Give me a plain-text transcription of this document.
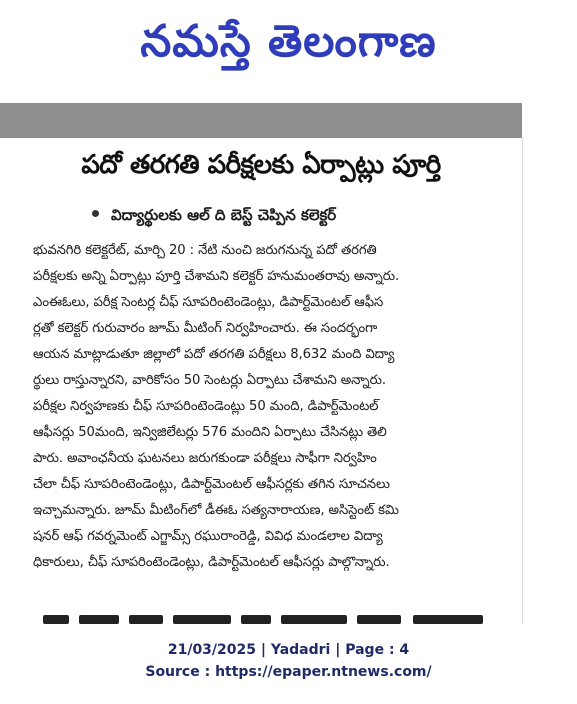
నమస్తే తెలంగాణ
పదో తరగతి పరీక్షలకు ఏర్పాట్లు పూర్తి
విద్యార్థులకు ఆల్ ది బెస్ట్ చెప్పిన కలెక్టర్
భువనగిరి కలెక్టరేట్, మార్చి 20 : నేటి నుంచి జరుగనున్న పదో తరగతి
పరీక్షలకు అన్ని ఏర్పాట్లు పూర్తి చేశామని కలెక్టర్ హనుమంతరావు అన్నారు.
ఎంఈఓలు, పరీక్ష సెంటర్ల చీఫ్ సూపరింటెండెంట్లు, డిపార్ట్‌మెంటల్ ఆఫీస
ర్లతో కలెక్టర్ గురువారం జూమ్ మీటింగ్ నిర్వహించారు. ఈ సందర్భంగా
ఆయన మాట్లాడుతూ జిల్లాలో పదో తరగతి పరీక్షలు 8,632 మంది విద్యా
ర్థులు రాస్తున్నారని, వారికోసం 50 సెంటర్లు ఏర్పాటు చేశామని అన్నారు.
పరీక్షల నిర్వహణకు చీఫ్ సూపరింటెండెంట్లు 50 మంది, డిపార్ట్‌మెంటల్
ఆఫీసర్లు 50మంది, ఇన్విజిలేటర్లు 576 మందిని ఏర్పాటు చేసినట్లు తెలి
పారు. అవాంఛనీయ ఘటనలు జరుగకుండా పరీక్షలు సాఫీగా నిర్వహిం
చేలా చీఫ్ సూపరింటెండెంట్లు, డిపార్ట్‌మెంటల్ ఆఫీసర్లకు తగిన సూచనలు
ఇచ్చామన్నారు. జూమ్ మీటింగ్‌లో డీఈఓ సత్యనారాయణ, అసిస్టెంట్ కమి
షనర్ ఆఫ్ గవర్నమెంట్ ఎగ్జామ్స్ రఘురాంరెడ్డి, వివిధ మండలాల విద్యా
ధికారులు, చీఫ్ సూపరింటెండెంట్లు, డిపార్ట్‌మెంటల్ ఆఫీసర్లు పాల్గొన్నారు.
21/03/2025 | Yadadri | Page : 4
Source : https://epaper.ntnews.com/
